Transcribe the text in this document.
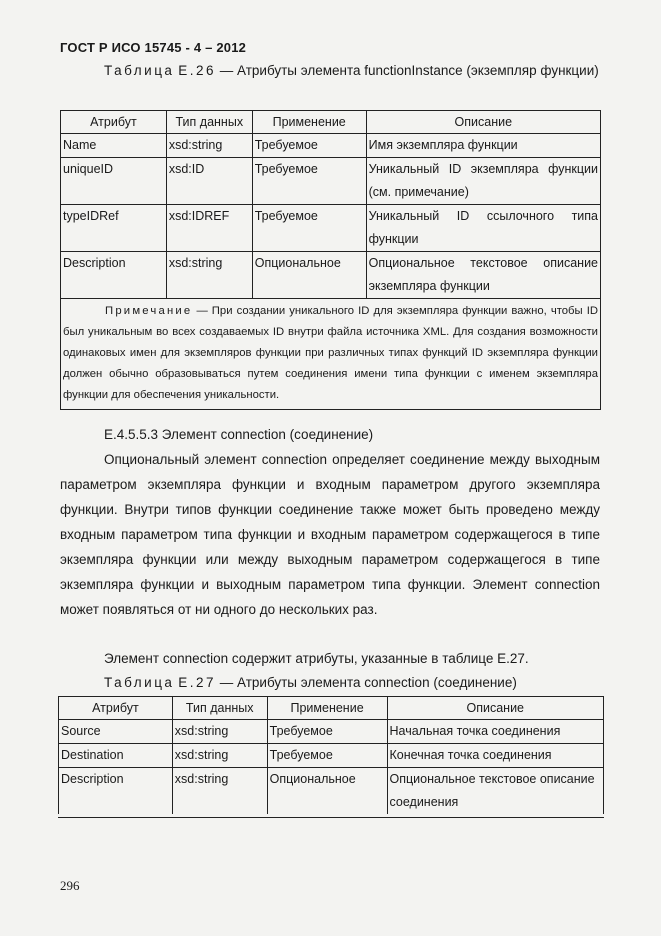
ГОСТ Р ИСО 15745 - 4 – 2012
Таблица Е.26 — Атрибуты элемента functionInstance (экземпляр функции)
Атрибут	Тип данных	Применение	Описание
Name	xsd:string	Требуемое	Имя экземпляра функции
uniqueID	xsd:ID	Требуемое	Уникальный ID экземпляра функции (см. примечание)
typeIDRef	xsd:IDREF	Требуемое	Уникальный ID ссылочного типа функции
Description	xsd:string	Опциональное	Опциональное текстовое описание экземпляра функции
Примечание — При создании уникального ID для экземпляра функции важно, чтобы ID был уникальным во всех создаваемых ID внутри файла источника XML. Для создания возможности одинаковых имен для экземпляров функции при различных типах функций ID экземпляра функции должен обычно образовываться путем соединения имени типа функции с именем экземпляра функции для обеспечения уникальности.			
Е.4.5.5.3 Элемент connection (соединение)
Опциональный элемент connection определяет соединение между выходным параметром экземпляра функции и входным параметром другого экземпляра функции. Внутри типов функции соединение также может быть проведено между входным параметром типа функции и входным параметром содержащегося в типе экземпляра функции или между выходным параметром содержащегося в типе экземпляра функции и выходным параметром типа функции. Элемент connection может появляться от ни одного до нескольких раз.
Элемент connection содержит атрибуты, указанные в таблице Е.27.
Таблица Е.27 — Атрибуты элемента connection (соединение)
Атрибут	Тип данных	Применение	Описание
Source	xsd:string	Требуемое	Начальная точка соединения
Destination	xsd:string	Требуемое	Конечная точка соединения
Description	xsd:string	Опциональное	Опциональное текстовое описание соединения
296
